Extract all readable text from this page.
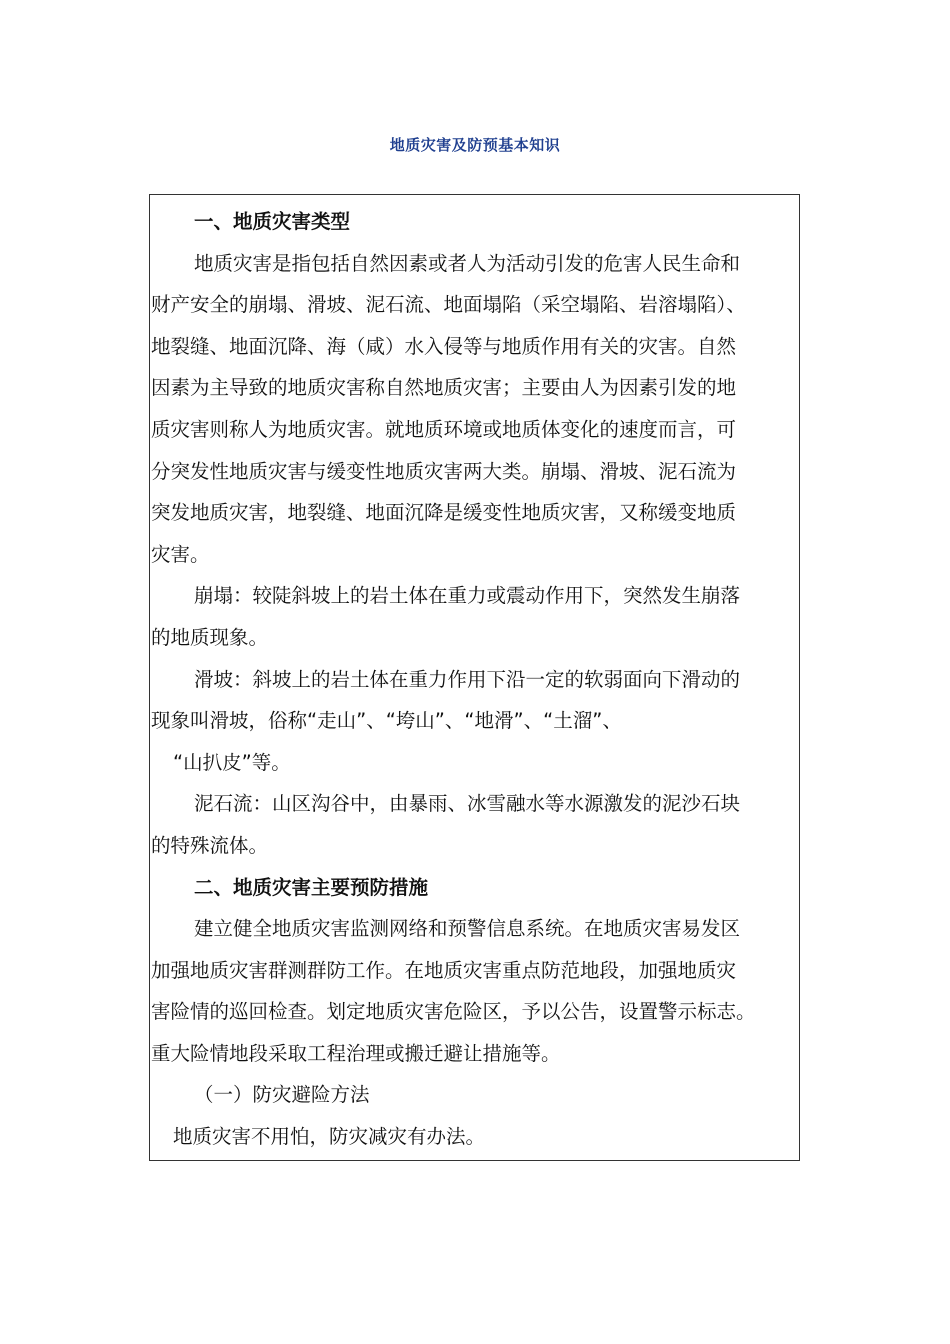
地质灾害及防预基本知识

一、地质灾害类型

地质灾害是指包括自然因素或者人为活动引发的危害人民生命和

财产安全的崩塌、滑坡、泥石流、地面塌陷（采空塌陷、岩溶塌陷）、

地裂缝、地面沉降、海（咸）水入侵等与地质作用有关的灾害。自然

因素为主导致的地质灾害称自然地质灾害；主要由人为因素引发的地

质灾害则称人为地质灾害。就地质环境或地质体变化的速度而言，可

分突发性地质灾害与缓变性地质灾害两大类。崩塌、滑坡、泥石流为

突发地质灾害，地裂缝、地面沉降是缓变性地质灾害，又称缓变地质

灾害。

崩塌：较陡斜坡上的岩土体在重力或震动作用下，突然发生崩落

的地质现象。

滑坡：斜坡上的岩土体在重力作用下沿一定的软弱面向下滑动的

现象叫滑坡，俗称“走山”、“垮山”、“地滑”、“土溜”、

“山扒皮”等。

泥石流：山区沟谷中，由暴雨、冰雪融水等水源激发的泥沙石块

的特殊流体。

二、地质灾害主要预防措施

建立健全地质灾害监测网络和预警信息系统。在地质灾害易发区

加强地质灾害群测群防工作。在地质灾害重点防范地段，加强地质灾

害险情的巡回检查。划定地质灾害危险区，予以公告，设置警示标志。

重大险情地段采取工程治理或搬迁避让措施等。

（一）防灾避险方法

地质灾害不用怕，防灾减灾有办法。
